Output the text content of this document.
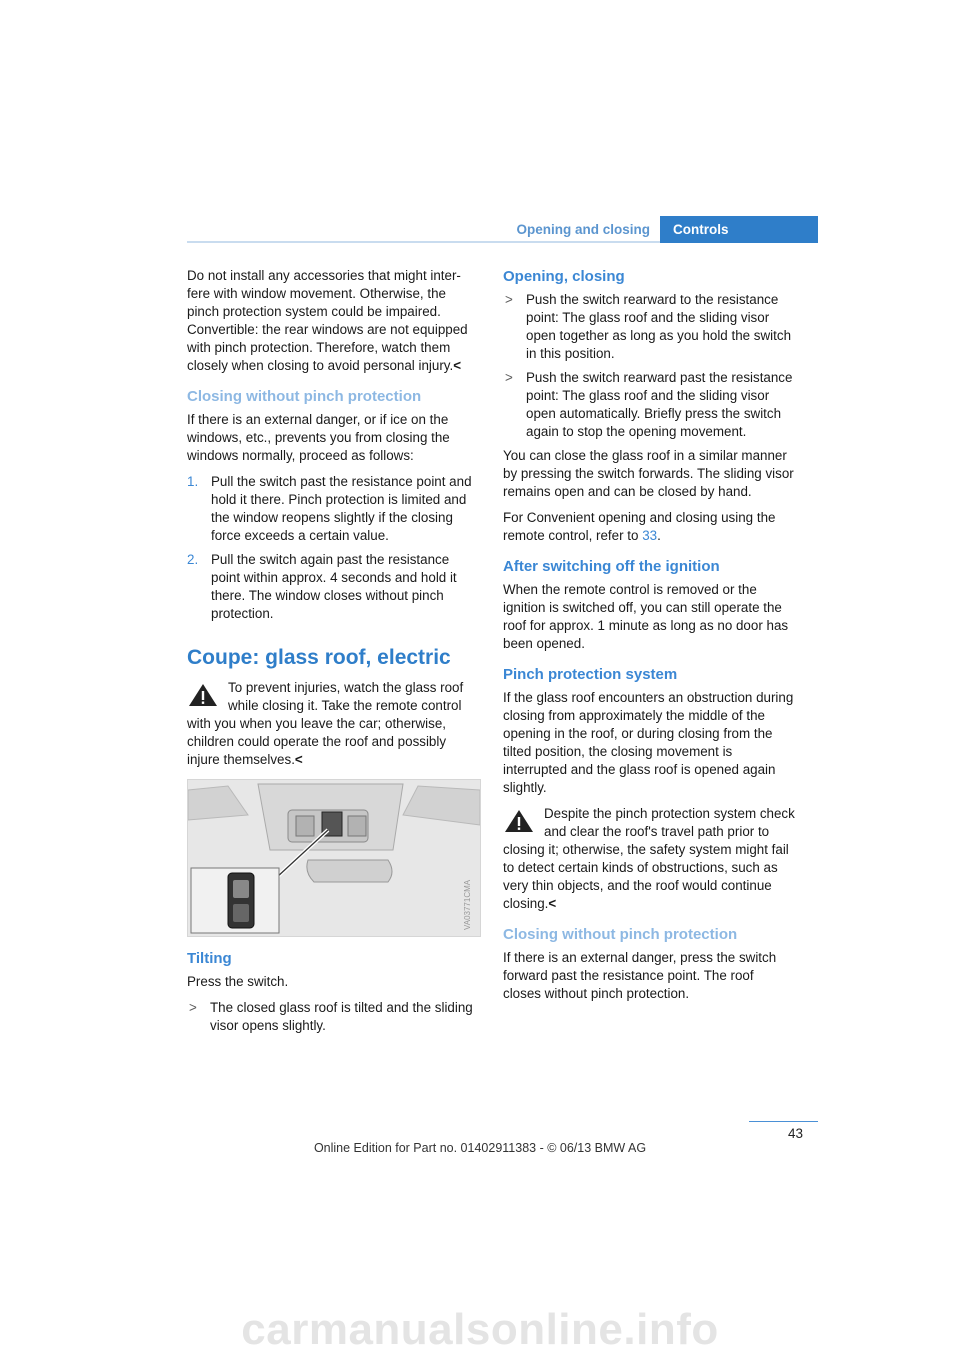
Opening and closing Controls

Do not install any accessories that might inter-fere with window movement. Otherwise, the pinch protection system could be impaired. Convertible: the rear windows are not equipped with pinch protection. Therefore, watch them closely when closing to avoid personal injury.<

Closing without pinch protection

If there is an external danger, or if ice on the windows, etc., prevents you from closing the windows normally, proceed as follows:

1. Pull the switch past the resistance point and hold it there. Pinch protection is limited and the window reopens slightly if the closing force exceeds a certain value.
2. Pull the switch again past the resistance point within approx. 4 seconds and hold it there. The window closes without pinch protection.
Coupe: glass roof, electric
To prevent injuries, watch the glass roof while closing it. Take the remote control with you when you leave the car; otherwise, children could operate the roof and possibly injure themselves.<
VA03771CMA
Tilting

Press the switch.

> The closed glass roof is tilted and the sliding visor opens slightly.
Opening, closing
> Push the switch rearward to the resistance point: The glass roof and the sliding visor open together as long as you hold the switch in this position.
> Push the switch rearward past the resistance point: The glass roof and the sliding visor open automatically. Briefly press the switch again to stop the opening movement.

You can close the glass roof in a similar manner by pressing the switch forwards. The sliding visor remains open and can be closed by hand.

For Convenient opening and closing using the remote control, refer to 33.

After switching off the ignition

When the remote control is removed or the ignition is switched off, you can still operate the roof for approx. 1 minute as long as no door has been opened.

Pinch protection system

If the glass roof encounters an obstruction during closing from approximately the middle of the opening in the roof, or during closing from the tilted position, the closing movement is interrupted and the glass roof is opened again slightly.

Despite the pinch protection system check and clear the roof's travel path prior to closing it; otherwise, the safety system might fail to detect certain kinds of obstructions, such as very thin objects, and the roof would continue closing.<
Closing without pinch protection

If there is an external danger, press the switch forward past the resistance point. The roof closes without pinch protection.

43
Online Edition for Part no. 01402911383 - © 06/13 BMW AG
carmanualsonline.info
